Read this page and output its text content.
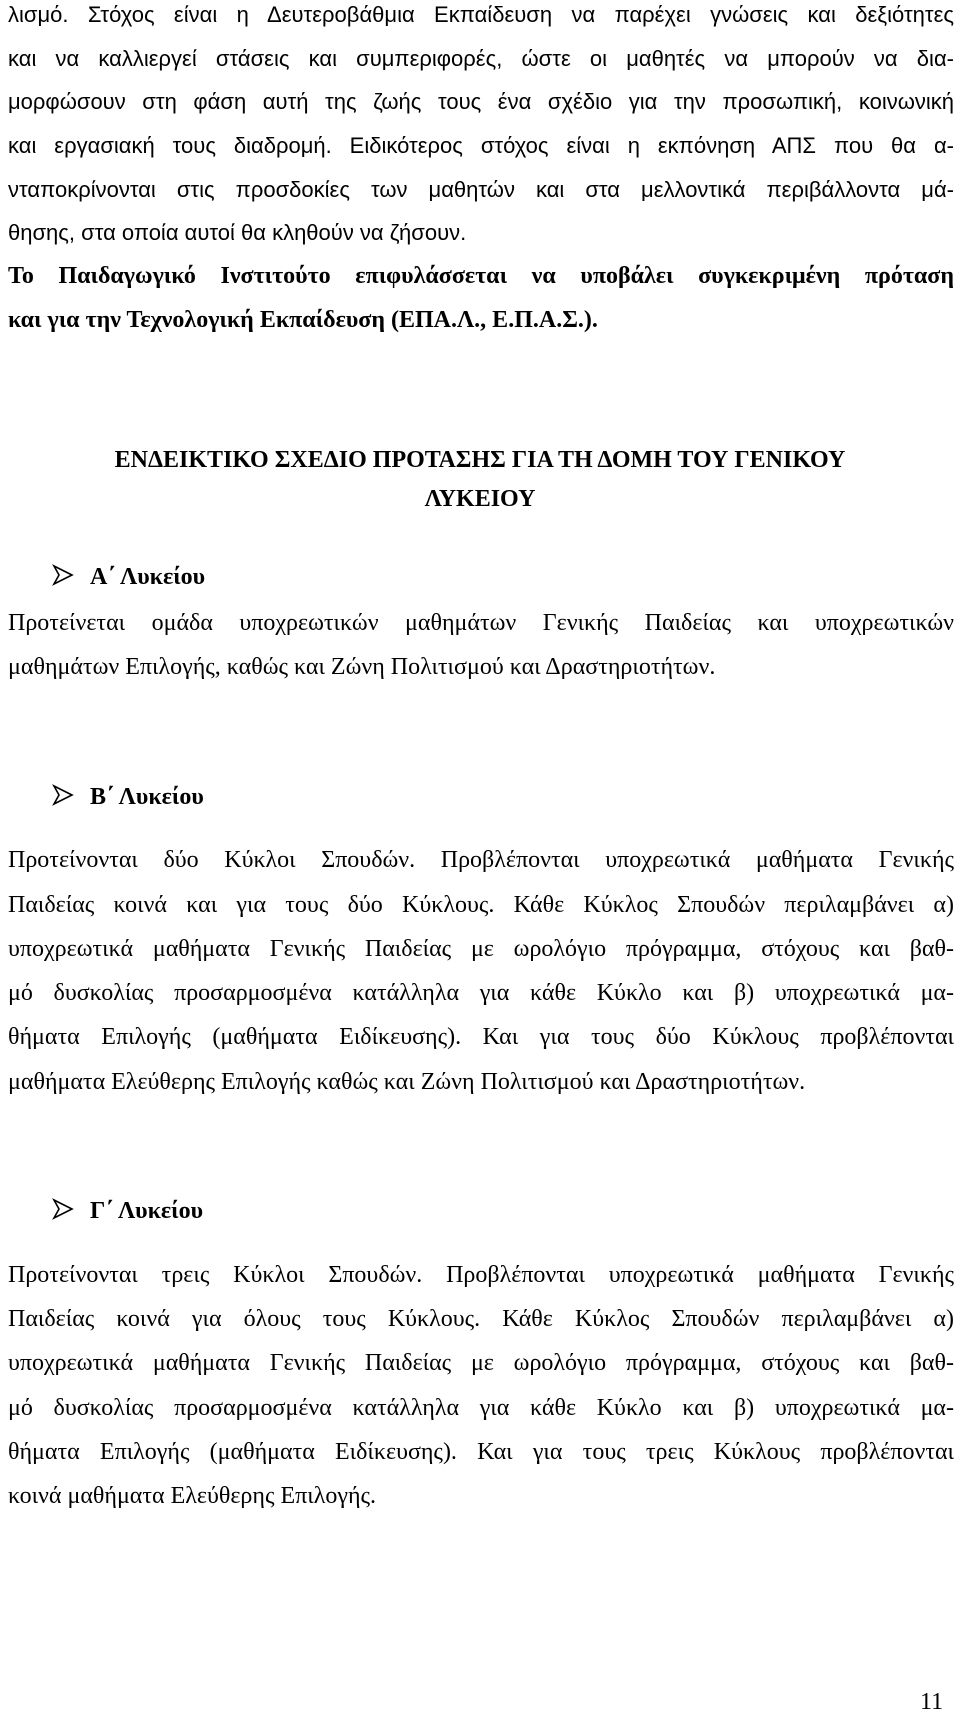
λισμό. Στόχος είναι η Δευτεροβάθμια Εκπαίδευση να παρέχει γνώσεις και δεξιότητες
και να καλλιεργεί στάσεις και συμπεριφορές, ώστε οι μαθητές να μπορούν να δια-
μορφώσουν στη φάση αυτή της ζωής τους ένα σχέδιο για την προσωπική, κοινωνική
και εργασιακή τους διαδρομή. Ειδικότερος στόχος είναι η εκπόνηση ΑΠΣ που θα α-
νταποκρίνονται στις προσδοκίες των μαθητών και στα μελλοντικά περιβάλλοντα μά-
θησης, στα οποία αυτοί θα κληθούν να ζήσουν.
Το Παιδαγωγικό Ινστιτούτο επιφυλάσσεται να υποβάλει συγκεκριμένη πρόταση
και για την Τεχνολογική Εκπαίδευση (ΕΠΑ.Λ., Ε.Π.Α.Σ.).
ΕΝΔΕΙΚΤΙΚΟ ΣΧΕΔΙΟ ΠΡΟΤΑΣΗΣ ΓΙΑ ΤΗ ΔΟΜΗ ΤΟΥ ΓΕΝΙΚΟΥ
ΛΥΚΕΙΟΥ
Α΄ Λυκείου
Προτείνεται ομάδα υποχρεωτικών μαθημάτων Γενικής Παιδείας και υποχρεωτικών
μαθημάτων Επιλογής, καθώς και Ζώνη Πολιτισμού και Δραστηριοτήτων.
Β΄ Λυκείου
Προτείνονται δύο Κύκλοι Σπουδών. Προβλέπονται υποχρεωτικά μαθήματα Γενικής
Παιδείας κοινά και για τους δύο Κύκλους. Κάθε Κύκλος Σπουδών περιλαμβάνει α)
υποχρεωτικά μαθήματα Γενικής Παιδείας με ωρολόγιο πρόγραμμα, στόχους και βαθ-
μό δυσκολίας προσαρμοσμένα κατάλληλα για κάθε Κύκλο και β) υποχρεωτικά μα-
θήματα Επιλογής (μαθήματα Ειδίκευσης). Και για τους δύο Κύκλους προβλέπονται
μαθήματα Ελεύθερης Επιλογής καθώς και Ζώνη Πολιτισμού και Δραστηριοτήτων.
Γ΄ Λυκείου
Προτείνονται τρεις Κύκλοι Σπουδών. Προβλέπονται υποχρεωτικά μαθήματα Γενικής
Παιδείας κοινά για όλους τους Κύκλους. Κάθε Κύκλος Σπουδών περιλαμβάνει α)
υποχρεωτικά μαθήματα Γενικής Παιδείας με ωρολόγιο πρόγραμμα, στόχους και βαθ-
μό δυσκολίας προσαρμοσμένα κατάλληλα για κάθε Κύκλο και β) υποχρεωτικά μα-
θήματα Επιλογής (μαθήματα Ειδίκευσης). Και για τους τρεις Κύκλους προβλέπονται
κοινά μαθήματα Ελεύθερης Επιλογής.
11
